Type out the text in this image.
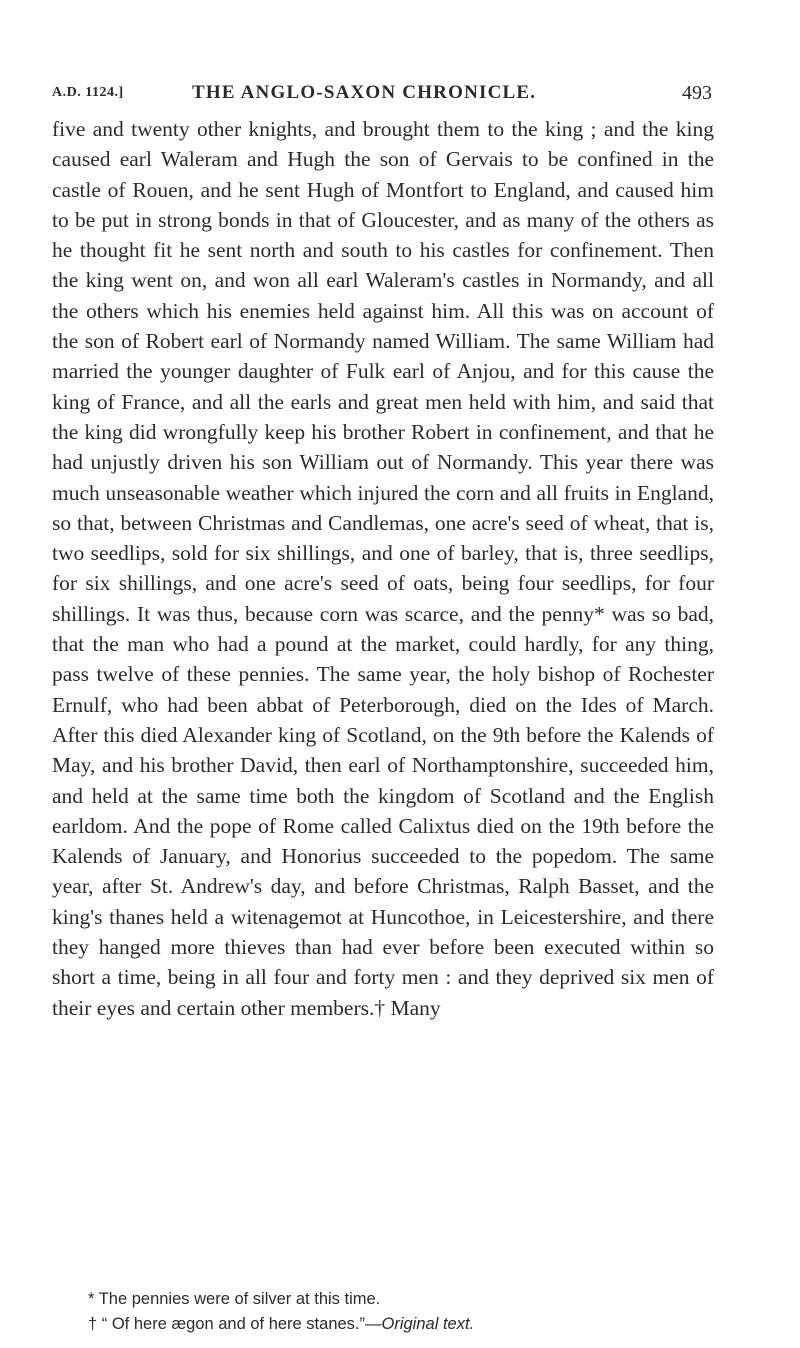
A.D. 1124.]	THE ANGLO-SAXON CHRONICLE.	493

five and twenty other knights, and brought them to the king ; and the king caused earl Waleram and Hugh the son of Gervais to be confined in the castle of Rouen, and he sent Hugh of Montfort to England, and caused him to be put in strong bonds in that of Gloucester, and as many of the others as he thought fit he sent north and south to his castles for confinement. Then the king went on, and won all earl Waleram's castles in Normandy, and all the others which his enemies held against him. All this was on account of the son of Robert earl of Normandy named William. The same William had married the younger daughter of Fulk earl of Anjou, and for this cause the king of France, and all the earls and great men held with him, and said that the king did wrongfully keep his brother Robert in confinement, and that he had unjustly driven his son William out of Normandy. This year there was much unseasonable weather which injured the corn and all fruits in England, so that, between Christmas and Candlemas, one acre's seed of wheat, that is, two seedlips, sold for six shillings, and one of barley, that is, three seedlips, for six shillings, and one acre's seed of oats, being four seedlips, for four shillings. It was thus, because corn was scarce, and the penny* was so bad, that the man who had a pound at the market, could hardly, for any thing, pass twelve of these pennies. The same year, the holy bishop of Rochester Ernulf, who had been abbat of Peterborough, died on the Ides of March. After this died Alexander king of Scotland, on the 9th before the Kalends of May, and his brother David, then earl of Northamptonshire, succeeded him, and held at the same time both the kingdom of Scotland and the English earldom. And the pope of Rome called Calixtus died on the 19th before the Kalends of January, and Honorius succeeded to the popedom. The same year, after St. Andrew's day, and before Christmas, Ralph Basset, and the king's thanes held a witenagemot at Huncothoe, in Leicestershire, and there they hanged more thieves than had ever before been executed within so short a time, being in all four and forty men : and they deprived six men of their eyes and certain other members.† Many

* The pennies were of silver at this time.
† “ Of here ægon and of here stanes.”—Original text.
